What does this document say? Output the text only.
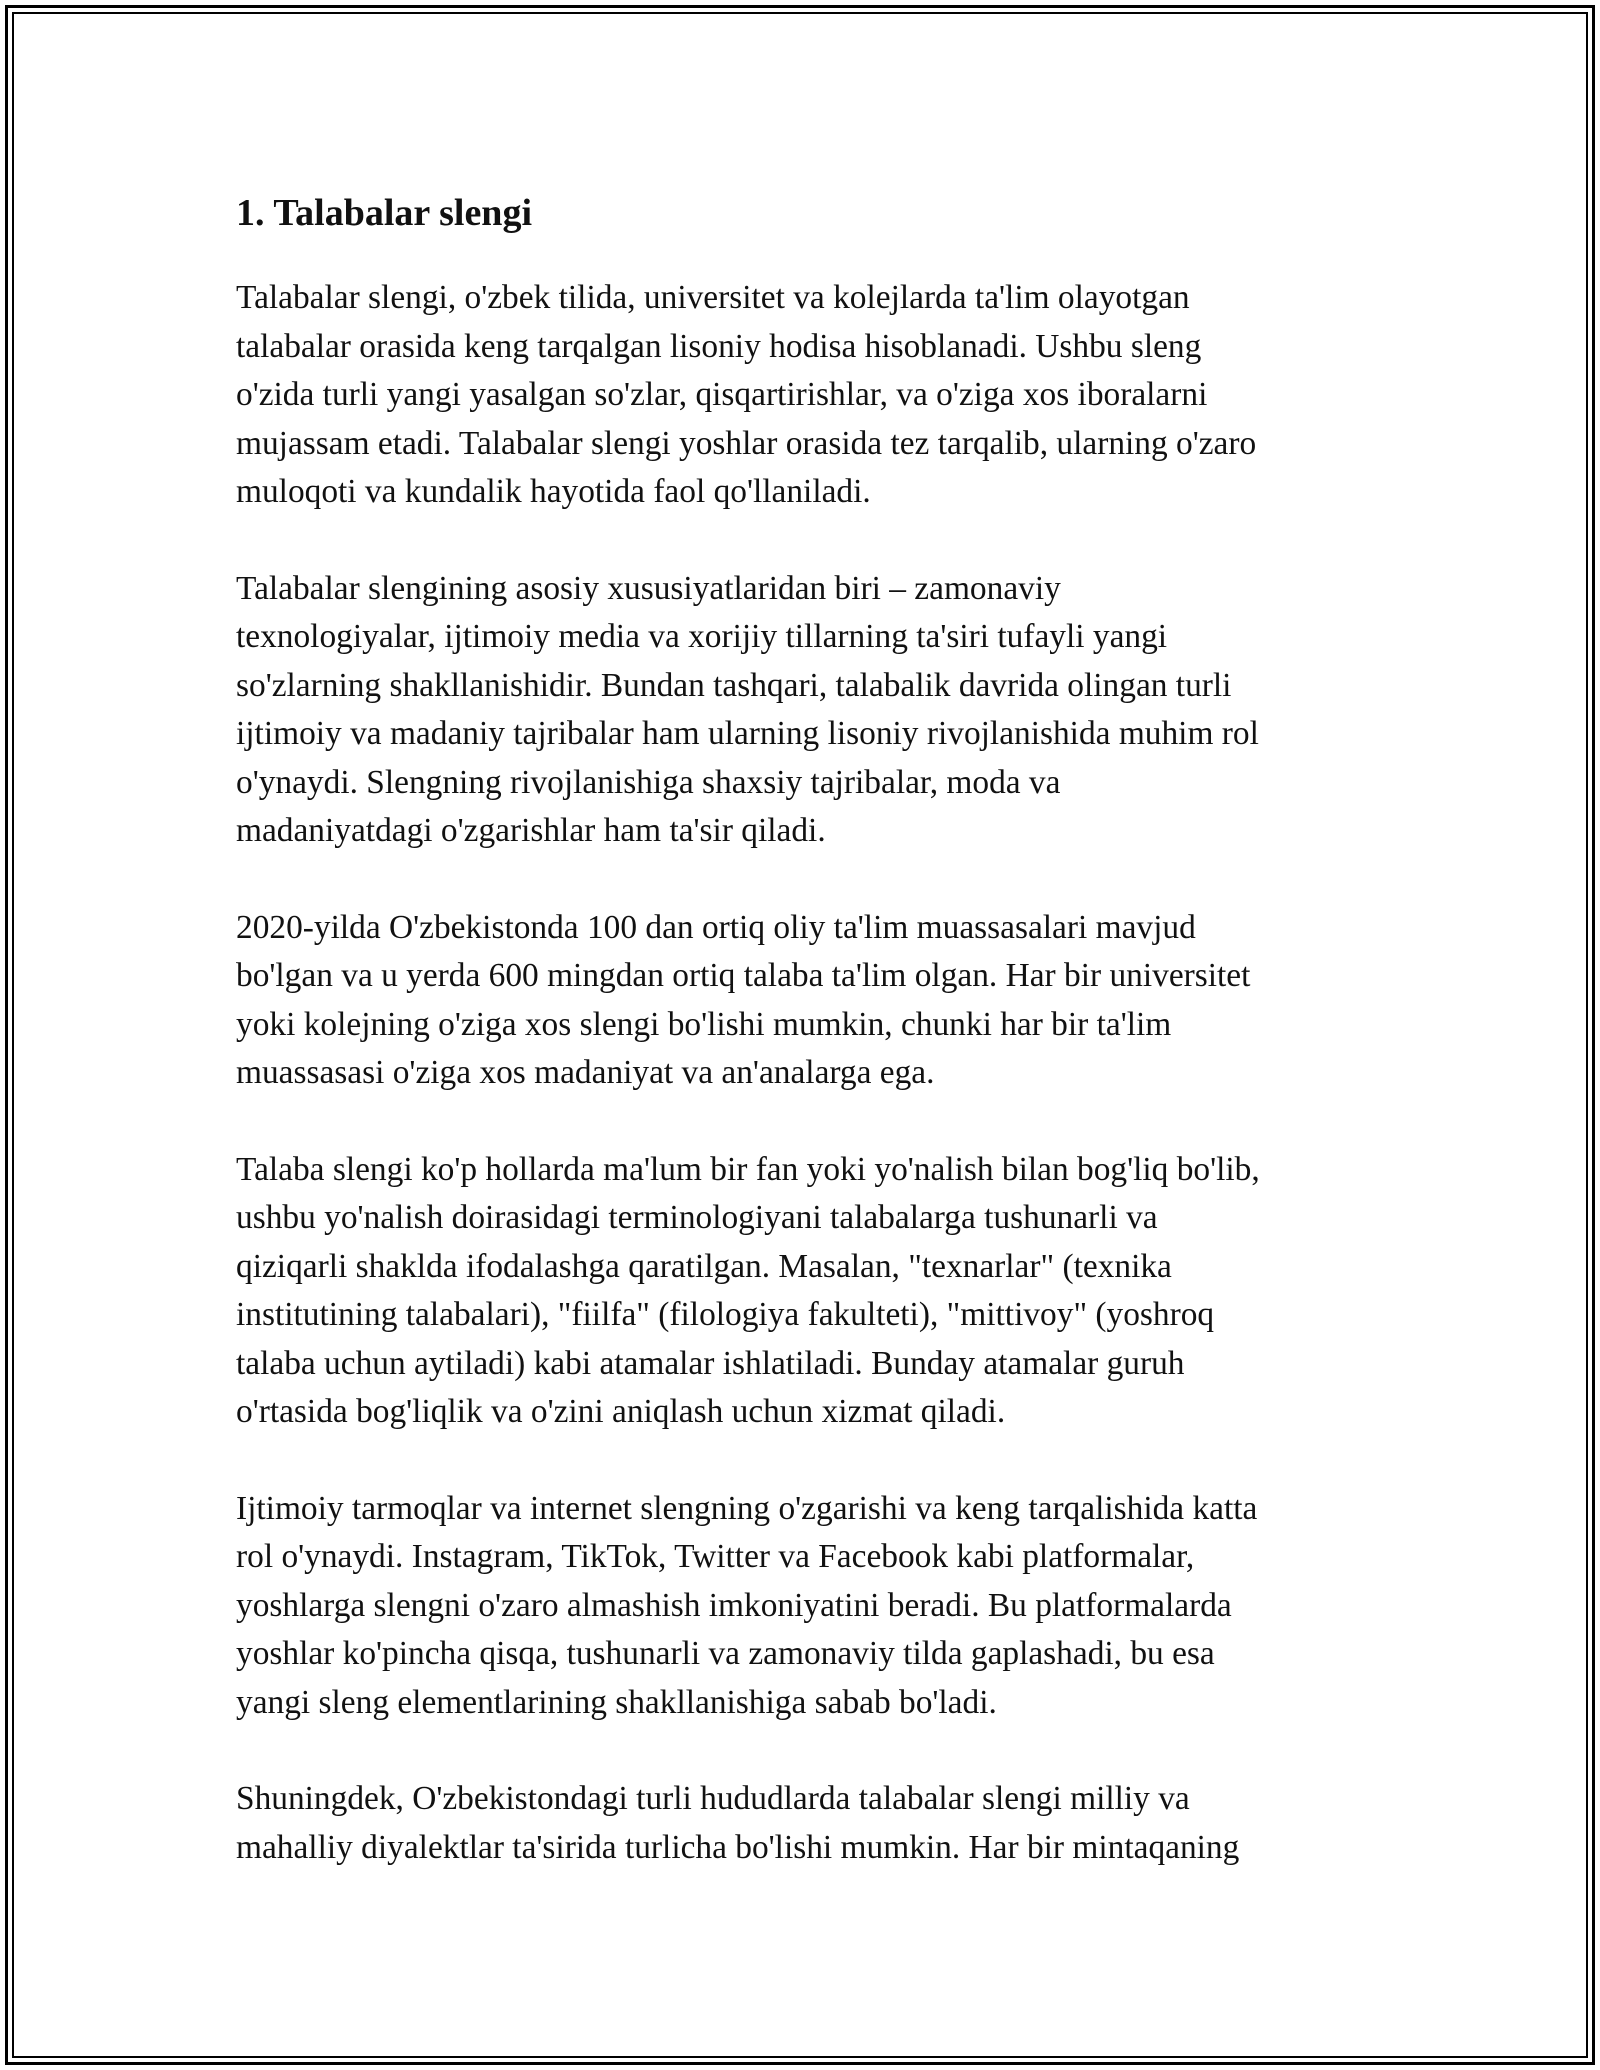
1. Talabalar slengi

Talabalar slengi, o'zbek tilida, universitet va kolejlarda ta'lim olayotgan
talabalar orasida keng tarqalgan lisoniy hodisa hisoblanadi. Ushbu sleng
o'zida turli yangi yasalgan so'zlar, qisqartirishlar, va o'ziga xos iboralarni
mujassam etadi. Talabalar slengi yoshlar orasida tez tarqalib, ularning o'zaro
muloqoti va kundalik hayotida faol qo'llaniladi.

Talabalar slengining asosiy xususiyatlaridan biri – zamonaviy
texnologiyalar, ijtimoiy media va xorijiy tillarning ta'siri tufayli yangi
so'zlarning shakllanishidir. Bundan tashqari, talabalik davrida olingan turli
ijtimoiy va madaniy tajribalar ham ularning lisoniy rivojlanishida muhim rol
o'ynaydi. Slengning rivojlanishiga shaxsiy tajribalar, moda va
madaniyatdagi o'zgarishlar ham ta'sir qiladi.

2020-yilda O'zbekistonda 100 dan ortiq oliy ta'lim muassasalari mavjud
bo'lgan va u yerda 600 mingdan ortiq talaba ta'lim olgan. Har bir universitet
yoki kolejning o'ziga xos slengi bo'lishi mumkin, chunki har bir ta'lim
muassasasi o'ziga xos madaniyat va an'analarga ega.

Talaba slengi ko'p hollarda ma'lum bir fan yoki yo'nalish bilan bog'liq bo'lib,
ushbu yo'nalish doirasidagi terminologiyani talabalarga tushunarli va
qiziqarli shaklda ifodalashga qaratilgan. Masalan, "texnarlar" (texnika
institutining talabalari), "fiilfa" (filologiya fakulteti), "mittivoy" (yoshroq
talaba uchun aytiladi) kabi atamalar ishlatiladi. Bunday atamalar guruh
o'rtasida bog'liqlik va o'zini aniqlash uchun xizmat qiladi.

Ijtimoiy tarmoqlar va internet slengning o'zgarishi va keng tarqalishida katta
rol o'ynaydi. Instagram, TikTok, Twitter va Facebook kabi platformalar,
yoshlarga slengni o'zaro almashish imkoniyatini beradi. Bu platformalarda
yoshlar ko'pincha qisqa, tushunarli va zamonaviy tilda gaplashadi, bu esa
yangi sleng elementlarining shakllanishiga sabab bo'ladi.

Shuningdek, O'zbekistondagi turli hududlarda talabalar slengi milliy va
mahalliy diyalektlar ta'sirida turlicha bo'lishi mumkin. Har bir mintaqaning
